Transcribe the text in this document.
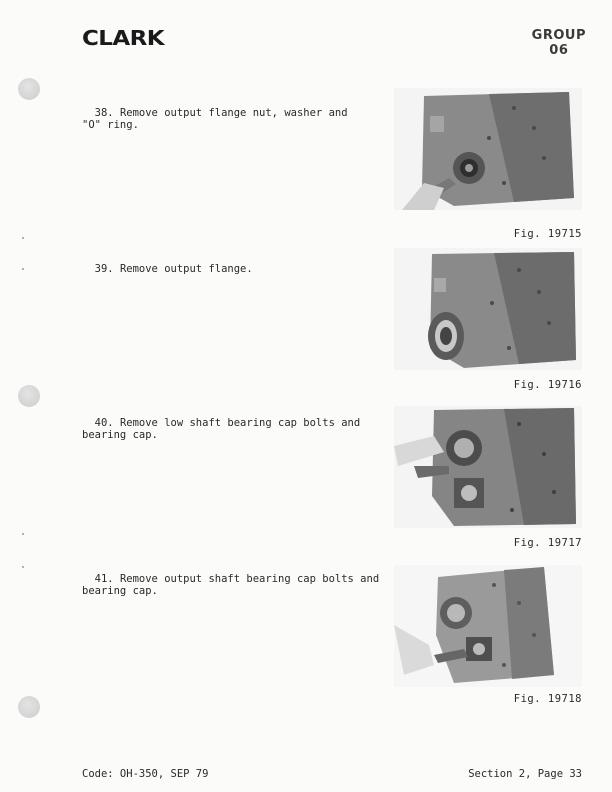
CLARK	GROUP
06

38. Remove output flange nut, washer and
"O" ring.

Fig. 19715

39. Remove output flange.

Fig. 19716

40. Remove low shaft bearing cap bolts and
bearing cap.

Fig. 19717

41. Remove output shaft bearing cap bolts and
bearing cap.

Fig. 19718
Code: OH-350, SEP 79	Section 2, Page 33
